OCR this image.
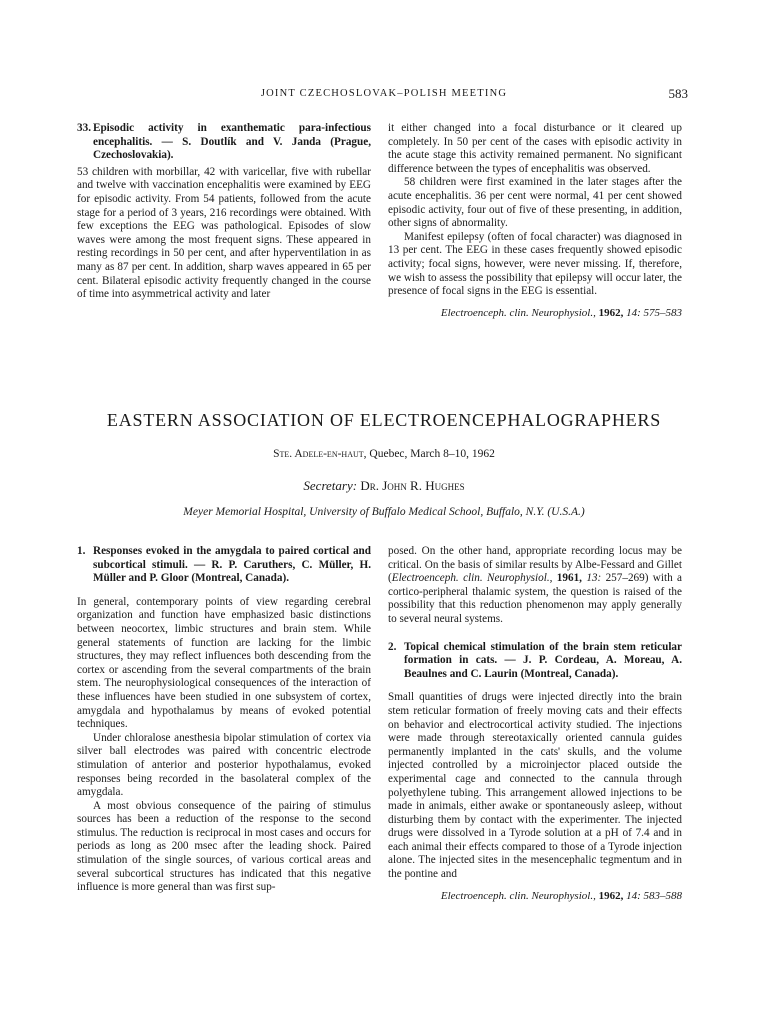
JOINT CZECHOSLOVAK–POLISH MEETING	583
33. Episodic activity in exanthematic para-infectious encephalitis. — S. Doutlík and V. Janda (Prague, Czechoslovakia).

53 children with morbillar, 42 with varicellar, five with rubellar and twelve with vaccination encephalitis were examined by EEG for episodic activity. From 54 patients, followed from the acute stage for a period of 3 years, 216 recordings were obtained. With few exceptions the EEG was pathological. Episodes of slow waves were among the most frequent signs. These appeared in resting recordings in 50 per cent, and after hyperventilation in as many as 87 per cent. In addition, sharp waves appeared in 65 per cent. Bilateral episodic activity frequently changed in the course of time into asymmetrical activity and later

it either changed into a focal disturbance or it cleared up completely. In 50 per cent of the cases with episodic activity in the acute stage this activity remained permanent. No significant difference between the types of encephalitis was observed.

58 children were first examined in the later stages after the acute encephalitis. 36 per cent were normal, 41 per cent showed episodic activity, four out of five of these presenting, in addition, other signs of abnormality.

Manifest epilepsy (often of focal character) was diagnosed in 13 per cent. The EEG in these cases frequently showed episodic activity; focal signs, however, were never missing. If, therefore, we wish to assess the possibility that epilepsy will occur later, the presence of focal signs in the EEG is essential.

Electroenceph. clin. Neurophysiol., 1962, 14: 575–583

EASTERN ASSOCIATION OF ELECTROENCEPHALOGRAPHERS
Ste. Adele-en-haut, Quebec, March 8–10, 1962
Secretary: Dr. John R. Hughes
Meyer Memorial Hospital, University of Buffalo Medical School, Buffalo, N.Y. (U.S.A.)
1. Responses evoked in the amygdala to paired cortical and subcortical stimuli. — R. P. Caruthers, C. Müller, H. Müller and P. Gloor (Montreal, Canada).

In general, contemporary points of view regarding cerebral organization and function have emphasized basic distinctions between neocortex, limbic structures and brain stem. While general statements of function are lacking for the limbic structures, they may reflect influences both descending from the cortex or ascending from the several compartments of the brain stem. The neurophysiological consequences of the interaction of these influences have been studied in one subsystem of cortex, amygdala and hypothalamus by means of evoked potential techniques.

Under chloralose anesthesia bipolar stimulation of cortex via silver ball electrodes was paired with concentric electrode stimulation of anterior and posterior hypothalamus, evoked responses being recorded in the basolateral complex of the amygdala.

A most obvious consequence of the pairing of stimulus sources has been a reduction of the response to the second stimulus. The reduction is reciprocal in most cases and occurs for periods as long as 200 msec after the leading shock. Paired stimulation of the single sources, of various cortical areas and several subcortical structures has indicated that this negative influence is more general than was first sup-

posed. On the other hand, appropriate recording locus may be critical. On the basis of similar results by Albe-Fessard and Gillet (Electroenceph. clin. Neurophysiol., 1961, 13: 257–269) with a cortico-peripheral thalamic system, the question is raised of the possibility that this reduction phenomenon may apply generally to several neural systems.

2. Topical chemical stimulation of the brain stem reticular formation in cats. — J. P. Cordeau, A. Moreau, A. Beaulnes and C. Laurin (Montreal, Canada).

Small quantities of drugs were injected directly into the brain stem reticular formation of freely moving cats and their effects on behavior and electrocortical activity studied. The injections were made through stereotaxically oriented cannula guides permanently implanted in the cats' skulls, and the volume injected controlled by a microinjector placed outside the experimental cage and connected to the cannula through polyethylene tubing. This arrangement allowed injections to be made in animals, either awake or spontaneously asleep, without disturbing them by contact with the experimenter. The injected drugs were dissolved in a Tyrode solution at a pH of 7.4 and in each animal their effects compared to those of a Tyrode injection alone. The injected sites in the mesencephalic tegmentum and in the pontine and

Electroenceph. clin. Neurophysiol., 1962, 14: 583–588
